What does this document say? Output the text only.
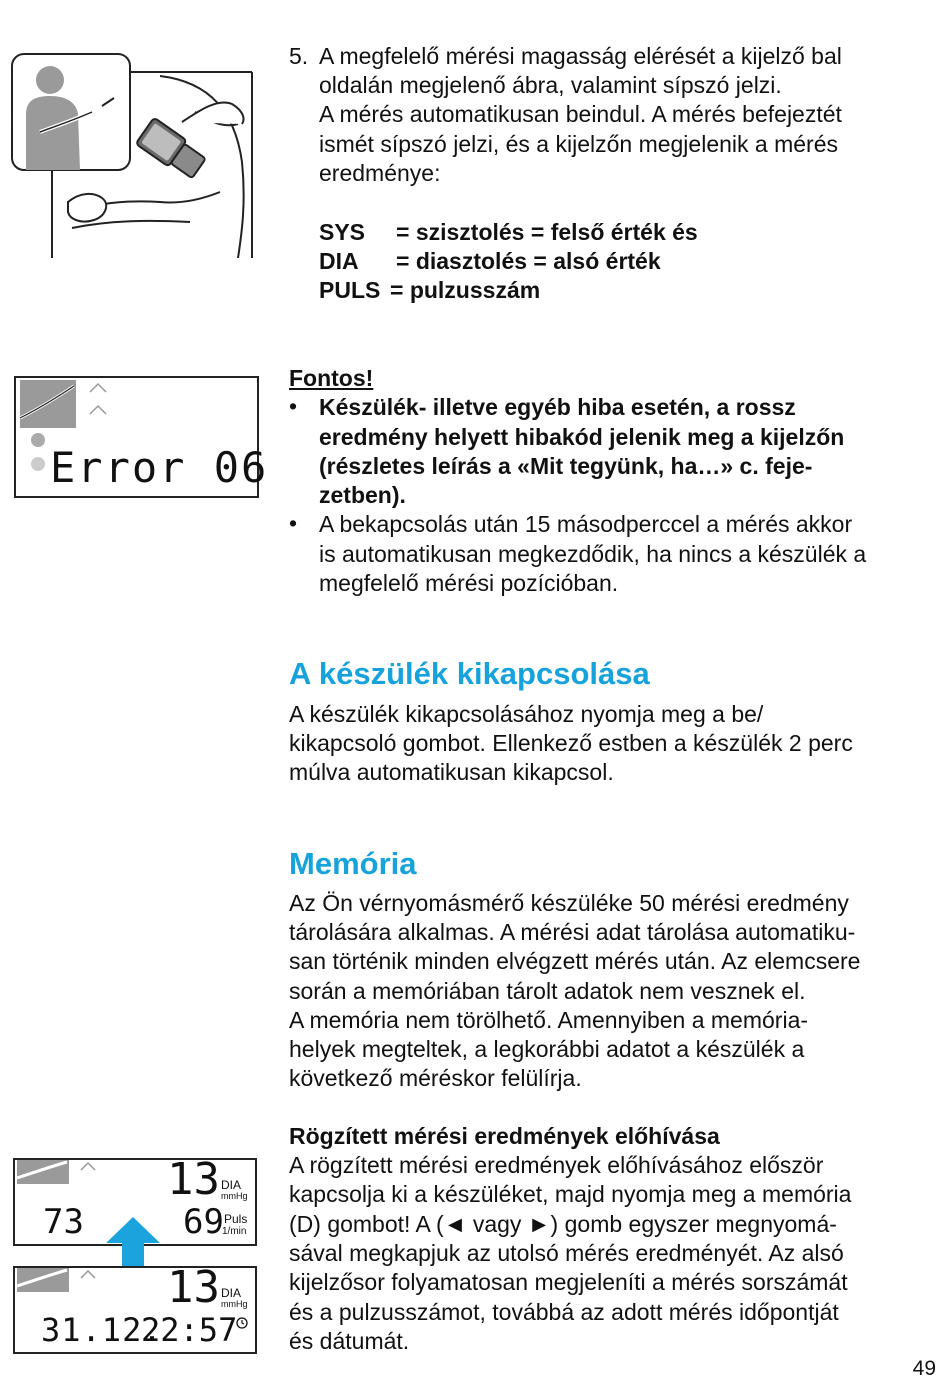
5. A megfelelő mérési magasság elérését a kijelző bal
oldalán megjelenő ábra, valamint sípszó jelzi.
A mérés automatikusan beindul. A mérés befejeztét
ismét sípszó jelzi, és a kijelzőn megjelenik a mérés
eredménye:
SYS = szisztolés = felső érték és
DIA = diasztolés = alsó érték
PULS = pulzusszám
Error 06
Fontos!
• Készülék- illetve egyéb hiba esetén, a rossz
eredmény helyett hibakód jelenik meg a kijelzőn
(részletes leírás a «Mit tegyünk, ha…» c. feje-
zetben).
• A bekapcsolás után 15 másodperccel a mérés akkor
is automatikusan megkezdődik, ha nincs a készülék a
megfelelő mérési pozícióban.
A készülék kikapcsolása
A készülék kikapcsolásához nyomja meg a be/
kikapcsoló gombot. Ellenkező estben a készülék 2 perc
múlva automatikusan kikapcsol.
Memória
Az Ön vérnyomásmérő készüléke 50 mérési eredmény
tárolására alkalmas. A mérési adat tárolása automatiku-
san történik minden elvégzett mérés után. Az elemcsere
során a memóriában tárolt adatok nem vesznek el.
A memória nem törölhető. Amennyiben a memória-
helyek megteltek, a legkorábbi adatot a készülék a
következő méréskor felülírja.
Rögzített mérési eredmények előhívása
A rögzített mérési eredmények előhívásához először
kapcsolja ki a készüléket, majd nyomja meg a memória
(D) gombot! A (◄ vagy ►) gomb egyszer megnyomá-
sával megkapjuk az utolsó mérés eredményét. Az alsó
kijelzősor folyamatosan megjeleníti a mérés sorszámát
és a pulzusszámot, továbbá az adott mérés időpontját
és dátumát.
13 DIA
mmHg
73	69 Puls
1/min
13 DIA
mmHg
31.12.
22:57
49
